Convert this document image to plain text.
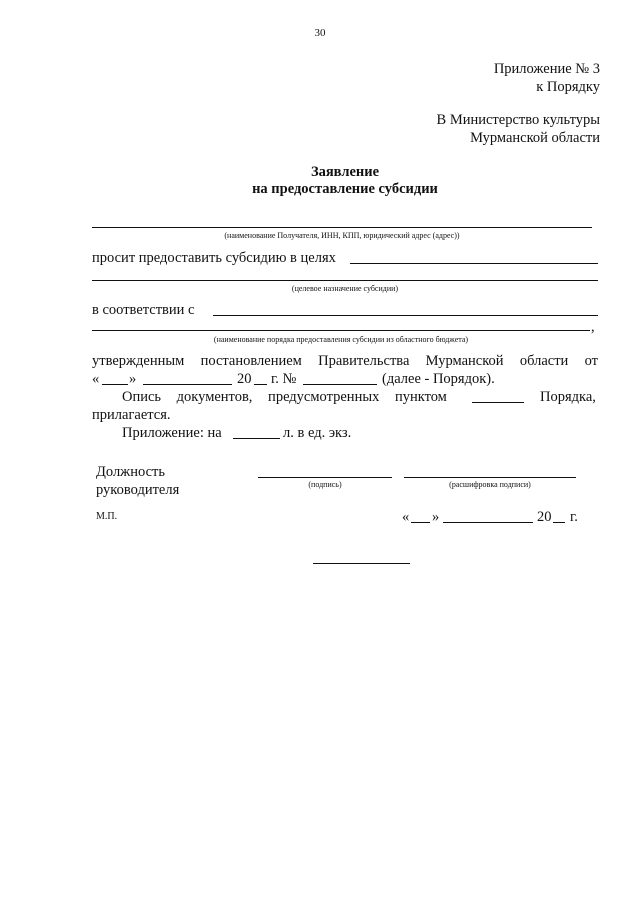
30
Приложение № 3
к Порядку
В Министерство культуры
Мурманской области
Заявление
на предоставление субсидии
(наименование Получателя, ИНН, КПП, юридический адрес (адрес))
просит предоставить субсидию в целях
(целевое назначение субсидии)
в соответствии с
,
(наименование порядка предоставления субсидии из областного бюджета)
утвержденным постановлением Правительства Мурманской области от
« »	20 г. №	(далее - Порядок).
Опись документов, предусмотренных пунктом	Порядка,
прилагается.
Приложение: на	л. в ед. экз.
Должность
руководителя	(подпись)	(расшифровка подписи)
М.П.	« »	20 г.
